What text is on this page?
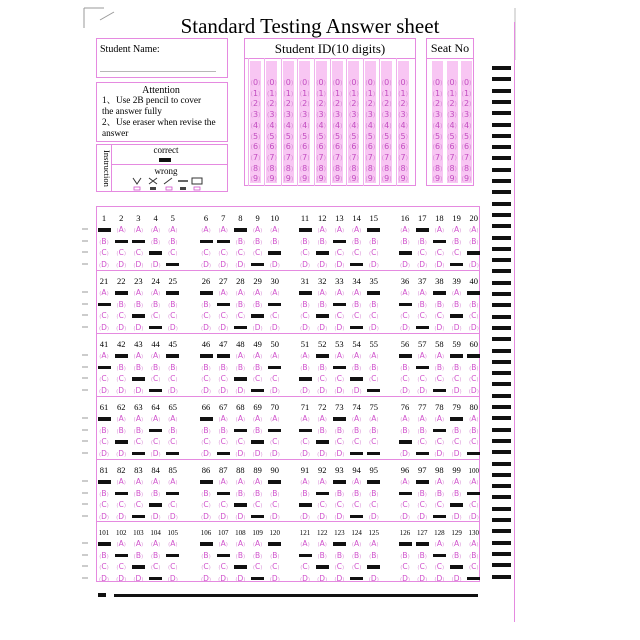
Standard Testing Answer sheet
Student Name:
Attention
1、Use 2B pencil to cover
the answer fully
2、Use eraser when revise the
answer
Instruction	correct
wrong
Student ID(10 digits)	Seat No
( 0 )
( 1 )
( 2 )
( 3 )
( 4 )
( 5 )
( 6 )
( 7 )
( 8 )
( 9 )
( 0 )
( 1 )
( 2 )
( 3 )
( 4 )
( 5 )
( 6 )
( 7 )
( 8 )
( 9 )
( 0 )
( 1 )
( 2 )
( 3 )
( 4 )
( 5 )
( 6 )
( 7 )
( 8 )
( 9 )
( 0 )
( 1 )
( 2 )
( 3 )
( 4 )
( 5 )
( 6 )
( 7 )
( 8 )
( 9 )
( 0 )
( 1 )
( 2 )
( 3 )
( 4 )
( 5 )
( 6 )
( 7 )
( 8 )
( 9 )
( 0 )
( 1 )
( 2 )
( 3 )
( 4 )
( 5 )
( 6 )
( 7 )
( 8 )
( 9 )
( 0 )
( 1 )
( 2 )
( 3 )
( 4 )
( 5 )
( 6 )
( 7 )
( 8 )
( 9 )
( 0 )
( 1 )
( 2 )
( 3 )
( 4 )
( 5 )
( 6 )
( 7 )
( 8 )
( 9 )
( 0 )
( 1 )
( 2 )
( 3 )
( 4 )
( 5 )
( 6 )
( 7 )
( 8 )
( 9 )
( 0 )
( 1 )
( 2 )
( 3 )
( 4 )
( 5 )
( 6 )
( 7 )
( 8 )
( 9 )
( 0 )
( 1 )
( 2 )
( 3 )
( 4 )
( 5 )
( 6 )
( 7 )
( 8 )
( 9 )
( 0 )
( 1 )
( 2 )
( 3 )
( 4 )
( 5 )
( 6 )
( 7 )
( 8 )
( 9 )
( 0 )
( 1 )
( 2 )
( 3 )
( 4 )
( 5 )
( 6 )
( 7 )
( 8 )
( 9 )
1
( B )
( C )
( D )
2
( A )
( C )
( D )
3
( A )
( C )
( D )
4
( A )
( B )
( D )
5
( A )
( B )
( C )
6
( A )
( C )
( D )
7
( A )
( C )
( D )
8
( B )
( C )
( D )
9
( A )
( B )
( C )
10
( A )
( B )
( D )
11
( B )
( C )
( D )
12
( A )
( B )
( D )
13
( A )
( C )
( D )
14
( A )
( B )
( C )
15
( B )
( C )
( D )
16
( A )
( B )
( D )
17
( B )
( C )
( D )
18
( A )
( C )
( D )
19
( A )
( B )
( C )
20
( A )
( B )
( D )
21
( A )
( C )
( D )
22
( B )
( C )
( D )
23
( A )
( B )
( D )
24
( A )
( B )
( C )
25
( B )
( C )
( D )
26
( B )
( C )
( D )
27
( A )
( C )
( D )
28
( A )
( B )
( C )
29
( A )
( B )
( D )
30
( A )
( C )
( D )
31
( B )
( C )
( D )
32
( A )
( B )
( D )
33
( A )
( C )
( D )
34
( A )
( B )
( C )
35
( B )
( C )
( D )
36
( A )
( C )
( D )
37
( A )
( B )
( C )
38
( B )
( C )
( D )
39
( A )
( B )
( D )
40
( B )
( C )
( D )
41
( A )
( C )
( D )
42
( B )
( C )
( D )
43
( A )
( B )
( D )
44
( A )
( B )
( C )
45
( B )
( C )
( D )
46
( B )
( C )
( D )
47
( B )
( C )
( D )
48
( A )
( B )
( D )
49
( A )
( B )
( C )
50
( A )
( C )
( D )
51
( A )
( B )
( D )
52
( B )
( C )
( D )
53
( A )
( C )
( D )
54
( A )
( B )
( D )
55
( A )
( B )
( C )
56
( B )
( C )
( D )
57
( A )
( C )
( D )
58
( A )
( B )
( C )
59
( B )
( C )
( D )
60
( B )
( C )
( D )
61
( B )
( C )
( D )
62
( A )
( B )
( D )
63
( A )
( B )
( C )
64
( A )
( C )
( D )
65
( A )
( B )
( C )
66
( B )
( C )
( D )
67
( A )
( B )
( C )
68
( A )
( C )
( D )
69
( A )
( B )
( D )
70
( A )
( C )
( D )
71
( A )
( C )
( D )
72
( A )
( B )
( D )
73
( B )
( C )
( D )
74
( A )
( B )
( C )
75
( A )
( B )
( C )
76
( A )
( B )
( D )
77
( A )
( B )
( C )
78
( A )
( C )
( D )
79
( B )
( C )
( D )
80
( A )
( B )
( C )
81
( B )
( C )
( D )
82
( A )
( C )
( D )
83
( A )
( B )
( C )
84
( A )
( B )
( D )
85
( A )
( C )
( D )
86
( B )
( C )
( D )
87
( A )
( C )
( D )
88
( A )
( B )
( D )
89
( A )
( B )
( C )
90
( B )
( C )
( D )
91
( A )
( B )
( D )
92
( A )
( C )
( D )
93
( B )
( C )
( D )
94
( A )
( B )
( C )
95
( B )
( C )
( D )
96
( A )
( C )
( D )
97
( B )
( C )
( D )
98
( A )
( B )
( C )
99
( A )
( B )
( D )
100
( A )
( C )
( D )
101
( B )
( C )
( D )
102
( A )
( C )
( D )
103
( A )
( B )
( D )
104
( A )
( B )
( C )
105
( A )
( C )
( D )
106
( B )
( C )
( D )
107
( A )
( C )
( D )
108
( A )
( B )
( D )
109
( A )
( B )
( C )
120
( B )
( C )
( D )
121
( A )
( C )
( D )
122
( A )
( B )
( D )
123
( B )
( C )
( D )
124
( A )
( B )
( C )
125
( A )
( B )
( D )
126
( B )
( C )
( D )
127
( B )
( C )
( D )
128
( A )
( C )
( D )
129
( A )
( B )
( D )
130
( A )
( B )
( C )
